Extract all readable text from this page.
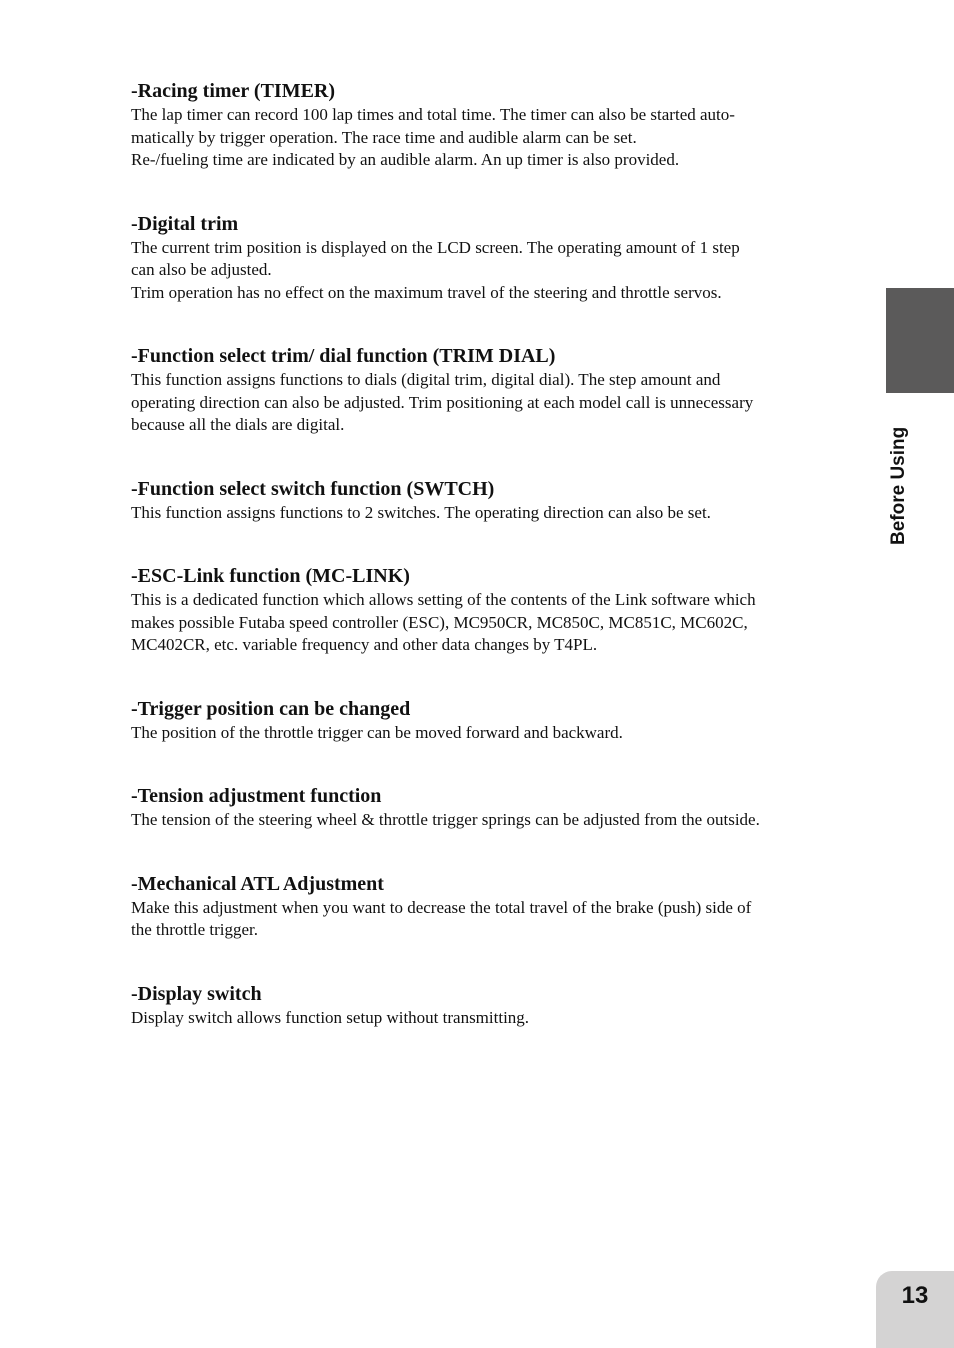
-Racing timer (TIMER)
The lap timer can record 100 lap times and total time. The timer can also be started auto-
matically by trigger operation. The race time and audible alarm can be set.
Re-/fueling time are indicated by an audible alarm. An up timer is also provided.
-Digital trim
The current trim position is displayed on the LCD screen. The operating amount of 1 step
can also be adjusted.
Trim operation has no effect on the maximum travel of the steering and throttle servos.
-Function select trim/ dial function (TRIM DIAL)
This function assigns functions to dials (digital trim, digital dial). The step amount and
operating direction can also be adjusted. Trim positioning at each model call is unnecessary
because all the dials are digital.
-Function select switch function (SWTCH)
This function assigns functions to 2 switches. The operating direction can also be set.
-ESC-Link function (MC-LINK)
This is a dedicated function which allows setting of the contents of the Link software which
makes possible Futaba speed controller (ESC), MC950CR, MC850C, MC851C, MC602C,
MC402CR, etc. variable frequency and other data changes by T4PL.
-Trigger position can be changed
The position of the throttle trigger can be moved forward and backward.
-Tension adjustment function
The tension of the steering wheel & throttle trigger springs can be adjusted from the outside.
-Mechanical ATL Adjustment
Make this adjustment when you want to decrease the total travel of the brake (push) side of
the throttle trigger.
-Display switch
Display switch allows function setup without transmitting.
Before Using
13
